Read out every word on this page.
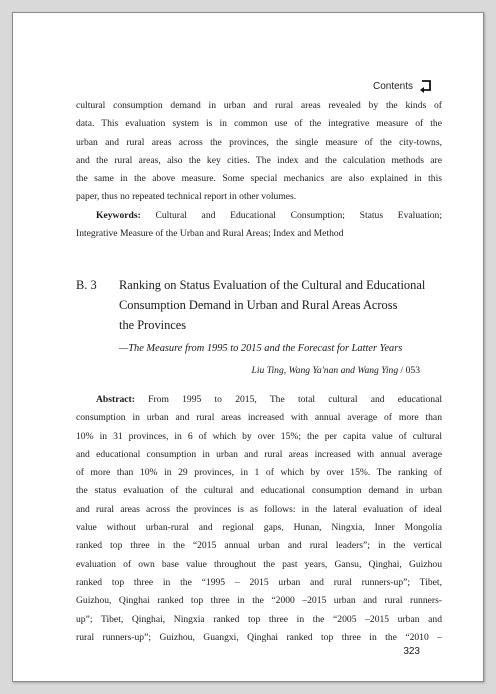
Contents
cultural consumption demand in urban and rural areas revealed by the kinds of
data. This evaluation system is in common use of the integrative measure of the
urban and rural areas across the provinces, the single measure of the city-towns,
and the rural areas, also the key cities. The index and the calculation methods are
the same in the above measure. Some special mechanics are also explained in this
paper, thus no repeated technical report in other volumes.
Keywords: Cultural and Educational Consumption; Status Evaluation;
Integrative Measure of the Urban and Rural Areas; Index and Method
B. 3 Ranking on Status Evaluation of the Cultural and Educational
Consumption Demand in Urban and Rural Areas Across
the Provinces
—The Measure from 1995 to 2015 and the Forecast for Latter Years
Liu Ting, Wang Ya'nan and Wang Ying / 053
Abstract: From 1995 to 2015, The total cultural and educational
consumption in urban and rural areas increased with annual average of more than
10% in 31 provinces, in 6 of which by over 15%; the per capita value of cultural
and educational consumption in urban and rural areas increased with annual average
of more than 10% in 29 provinces, in 1 of which by over 15%. The ranking of
the status evaluation of the cultural and educational consumption demand in urban
and rural areas across the provinces is as follows: in the lateral evaluation of ideal
value without urban-rural and regional gaps, Hunan, Ningxia, Inner Mongolia
ranked top three in the “2015 annual urban and rural leaders”; in the vertical
evaluation of own base value throughout the past years, Gansu, Qinghai, Guizhou
ranked top three in the “1995 – 2015 urban and rural runners-up”; Tibet,
Guizhou, Qinghai ranked top three in the “2000 –2015 urban and rural runners-
up”; Tibet, Qinghai, Ningxia ranked top three in the “2005 –2015 urban and
rural runners-up”; Guizhou, Guangxi, Qinghai ranked top three in the “2010 –
323
